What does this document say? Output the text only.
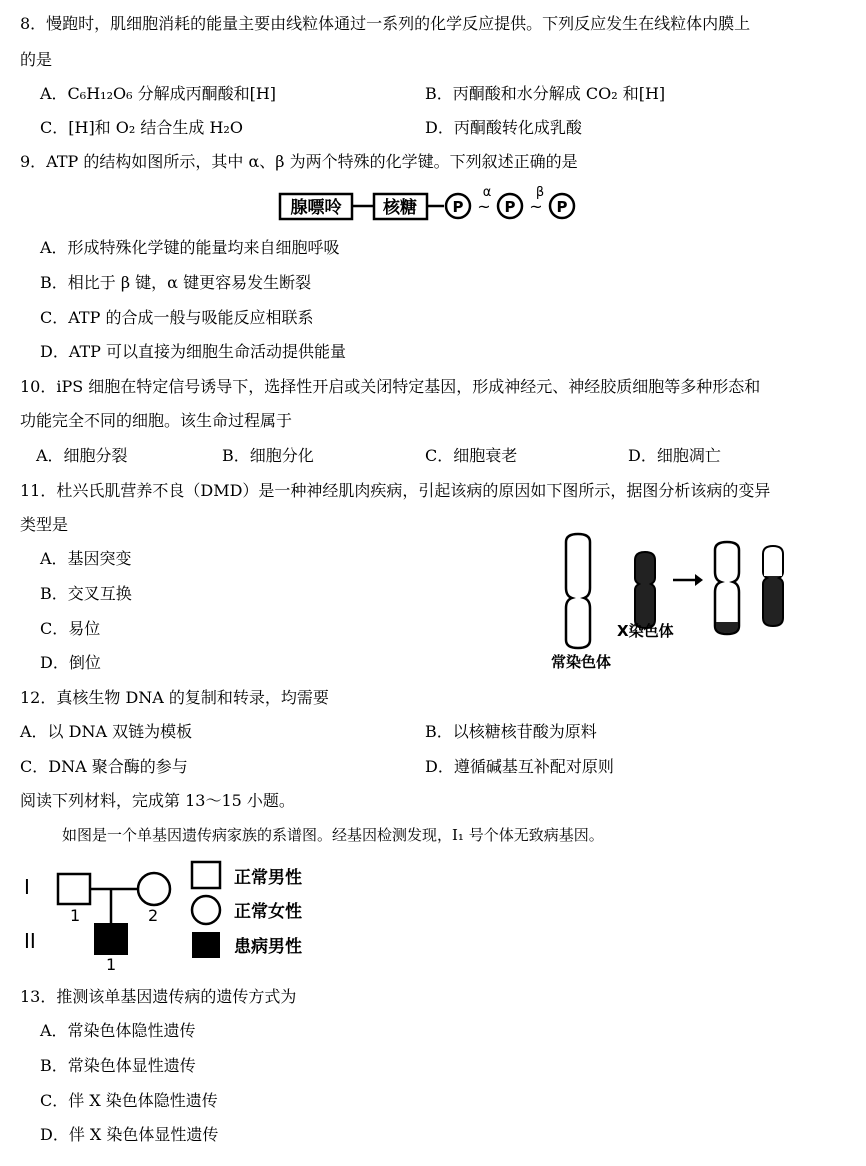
8．慢跑时，肌细胞消耗的能量主要由线粒体通过一系列的化学反应提供。下列反应发生在线粒体内膜上
的是
A．C₆H₁₂O₆ 分解成丙酮酸和[H]	B．丙酮酸和水分解成 CO₂ 和[H]
C．[H]和 O₂ 结合生成 H₂O	D．丙酮酸转化成乳酸
9．ATP 的结构如图所示，其中 α、β 为两个特殊的化学键。下列叙述正确的是
腺嘌呤 核糖 P ~
α
P ~
β
P
A．形成特殊化学键的能量均来自细胞呼吸
B．相比于 β 键，α 键更容易发生断裂
C．ATP 的合成一般与吸能反应相联系
D．ATP 可以直接为细胞生命活动提供能量
10．iPS 细胞在特定信号诱导下，选择性开启或关闭特定基因，形成神经元、神经胶质细胞等多种形态和
功能完全不同的细胞。该生命过程属于
A．细胞分裂	B．细胞分化	C．细胞衰老	D．细胞凋亡
11．杜兴氏肌营养不良（DMD）是一种神经肌肉疾病，引起该病的原因如下图所示，据图分析该病的变异
类型是
A．基因突变
B．交叉互换
C．易位
D．倒位
X染色体
常染色体
12．真核生物 DNA 的复制和转录，均需要
A．以 DNA 双链为模板	B．以核糖核苷酸为原料
C．DNA 聚合酶的参与	D．遵循碱基互补配对原则
阅读下列材料，完成第 13～15 小题。
如图是一个单基因遗传病家族的系谱图。经基因检测发现，I₁ 号个体无致病基因。
I
II
1	2
1
正常男性
正常女性
患病男性
13．推测该单基因遗传病的遗传方式为
A．常染色体隐性遗传
B．常染色体显性遗传
C．伴 X 染色体隐性遗传
D．伴 X 染色体显性遗传
